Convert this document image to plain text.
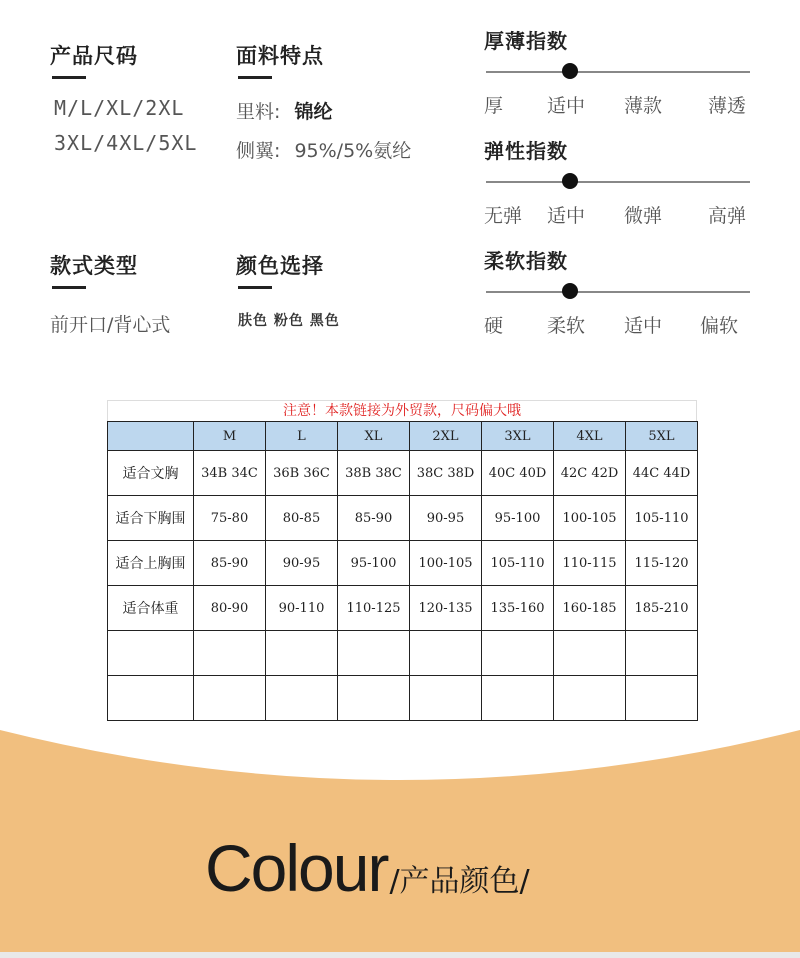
产品尺码
M/L/XL/2XL
3XL/4XL/5XL
面料特点
里料: 锦纶
侧翼: 95%/5%氨纶
款式类型
前开口/背心式
颜色选择
肤色 粉色 黑色
厚薄指数
厚 适中 薄款 薄透
弹性指数
无弹 适中 微弹 高弹
柔软指数
硬 柔软 适中 偏软
注意！本款链接为外贸款，尺码偏大哦
	M	L	XL	2XL	3XL	4XL	5XL
适合文胸	34B 34C	36B 36C	38B 38C	38C 38D	40C 40D	42C 42D	44C 44D
适合下胸围	75-80	80-85	85-90	90-95	95-100	100-105	105-110
适合上胸围	85-90	90-95	95-100	100-105	105-110	110-115	115-120
适合体重	80-90	90-110	110-125	120-135	135-160	160-185	185-210

Colour/产品颜色/
